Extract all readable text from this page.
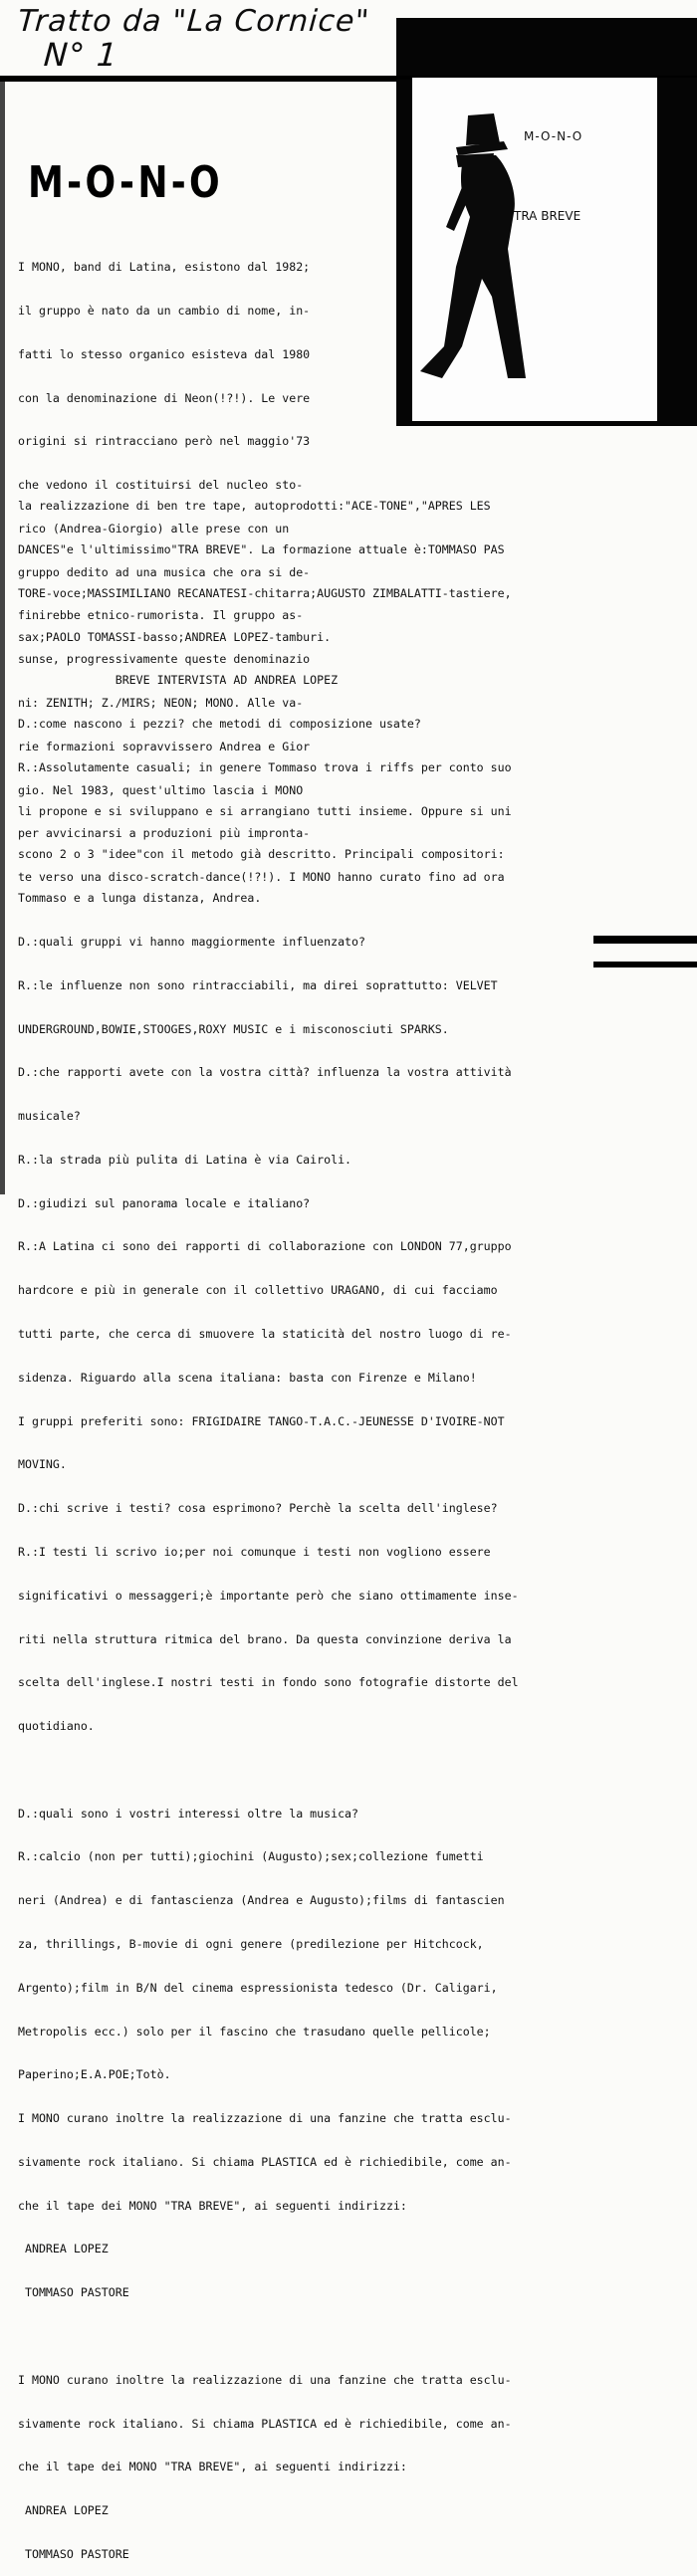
Tratto da "La Cornice"
N° 1
M-O-N-O
TRA BREVE
M-O-N-O

I MONO, band di Latina, esistono dal 1982;

il gruppo è nato da un cambio di nome, in-

fatti lo stesso organico esisteva dal 1980

con la denominazione di Neon(!?!). Le vere

origini si rintracciano però nel maggio'73

che vedono il costituirsi del nucleo sto-

rico (Andrea-Giorgio) alle prese con un

gruppo dedito ad una musica che ora si de-

finirebbe etnico-rumorista. Il gruppo as-

sunse, progressivamente queste denominazio

ni: ZENITH; Z./MIRS; NEON; MONO. Alle va-

rie formazioni sopravvissero Andrea e Gior

gio. Nel 1983, quest'ultimo lascia i MONO

per avvicinarsi a produzioni più impronta-

te verso una disco-scratch-dance(!?!). I MONO hanno curato fino ad ora

la realizzazione di ben tre tape, autoprodotti:"ACE-TONE","APRES LES

DANCES"e l'ultimissimo"TRA BREVE". La formazione attuale è:TOMMASO PAS

TORE-voce;MASSIMILIANO RECANATESI-chitarra;AUGUSTO ZIMBALATTI-tastiere,

sax;PAOLO TOMASSI-basso;ANDREA LOPEZ-tamburi.

BREVE INTERVISTA AD ANDREA LOPEZ

D.:come nascono i pezzi? che metodi di composizione usate?

R.:Assolutamente casuali; in genere Tommaso trova i riffs per conto suo

li propone e si sviluppano e si arrangiano tutti insieme. Oppure si uni

scono 2 o 3 "idee"con il metodo già descritto. Principali compositori:

Tommaso e a lunga distanza, Andrea.

D.:quali gruppi vi hanno maggiormente influenzato?

R.:le influenze non sono rintracciabili, ma direi soprattutto: VELVET

UNDERGROUND,BOWIE,STOOGES,ROXY MUSIC e i misconosciuti SPARKS.

D.:che rapporti avete con la vostra città? influenza la vostra attività

musicale?

R.:la strada più pulita di Latina è via Cairoli.

D.:giudizi sul panorama locale e italiano?

R.:A Latina ci sono dei rapporti di collaborazione con LONDON 77,gruppo

hardcore e più in generale con il collettivo URAGANO, di cui facciamo

tutti parte, che cerca di smuovere la staticità del nostro luogo di re-

sidenza. Riguardo alla scena italiana: basta con Firenze e Milano!

I gruppi preferiti sono: FRIGIDAIRE TANGO-T.A.C.-JEUNESSE D'IVOIRE-NOT

MOVING.

D.:chi scrive i testi? cosa esprimono? Perchè la scelta dell'inglese?

R.:I testi li scrivo io;per noi comunque i testi non vogliono essere

significativi o messaggeri;è importante però che siano ottimamente inse-

riti nella struttura ritmica del brano. Da questa convinzione deriva la

scelta dell'inglese.I nostri testi in fondo sono fotografie distorte del

quotidiano.

D.:quali sono i vostri interessi oltre la musica?

R.:calcio (non per tutti);giochini (Augusto);sex;collezione fumetti

neri (Andrea) e di fantascienza (Andrea e Augusto);films di fantascien

za, thrillings, B-movie di ogni genere (predilezione per Hitchcock,

Argento);film in B/N del cinema espressionista tedesco (Dr. Caligari,

Metropolis ecc.) solo per il fascino che trasudano quelle pellicole;

Paperino;E.A.POE;Totò.

I MONO curano inoltre la realizzazione di una fanzine che tratta esclu-

sivamente rock italiano. Si chiama PLASTICA ed è richiedibile, come an-

che il tape dei MONO "TRA BREVE", ai seguenti indirizzi:

ANDREA LOPEZ

TOMMASO PASTORE

I MONO curano inoltre la realizzazione di una fanzine che tratta esclu-

sivamente rock italiano. Si chiama PLASTICA ed è richiedibile, come an-

che il tape dei MONO "TRA BREVE", ai seguenti indirizzi:

ANDREA LOPEZ

TOMMASO PASTORE
